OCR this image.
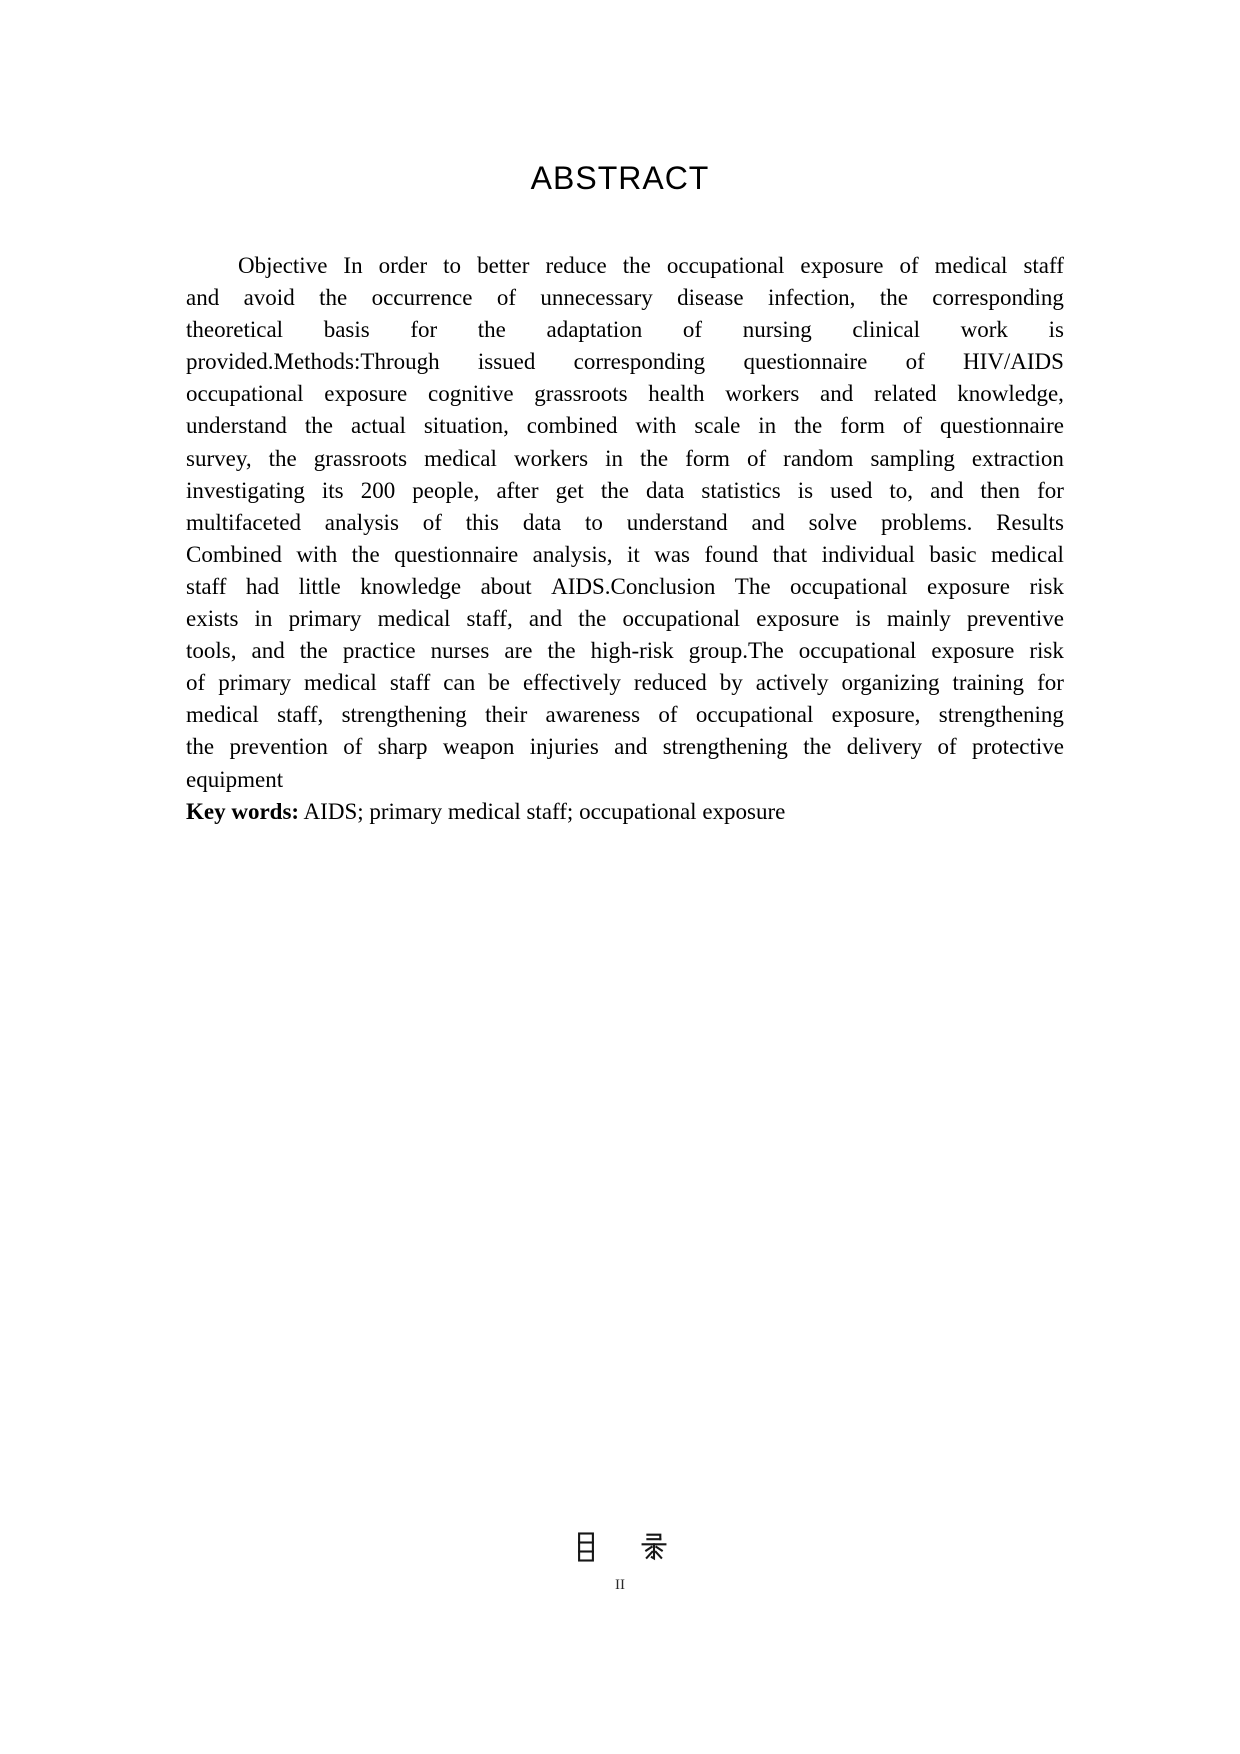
ABSTRACT
Objective In order to better reduce the occupational exposure of medical staff
and avoid the occurrence of unnecessary disease infection, the corresponding
theoretical basis for the adaptation of nursing clinical work is
provided.Methods:Through issued corresponding questionnaire of HIV/AIDS
occupational exposure cognitive grassroots health workers and related knowledge,
understand the actual situation, combined with scale in the form of questionnaire
survey, the grassroots medical workers in the form of random sampling extraction
investigating its 200 people, after get the data statistics is used to, and then for
multifaceted analysis of this data to understand and solve problems. Results
Combined with the questionnaire analysis, it was found that individual basic medical
staff had little knowledge about AIDS.Conclusion The occupational exposure risk
exists in primary medical staff, and the occupational exposure is mainly preventive
tools, and the practice nurses are the high-risk group.The occupational exposure risk
of primary medical staff can be effectively reduced by actively organizing training for
medical staff, strengthening their awareness of occupational exposure, strengthening
the prevention of sharp weapon injuries and strengthening the delivery of protective
equipment
Key words: AIDS; primary medical staff; occupational exposure
II
